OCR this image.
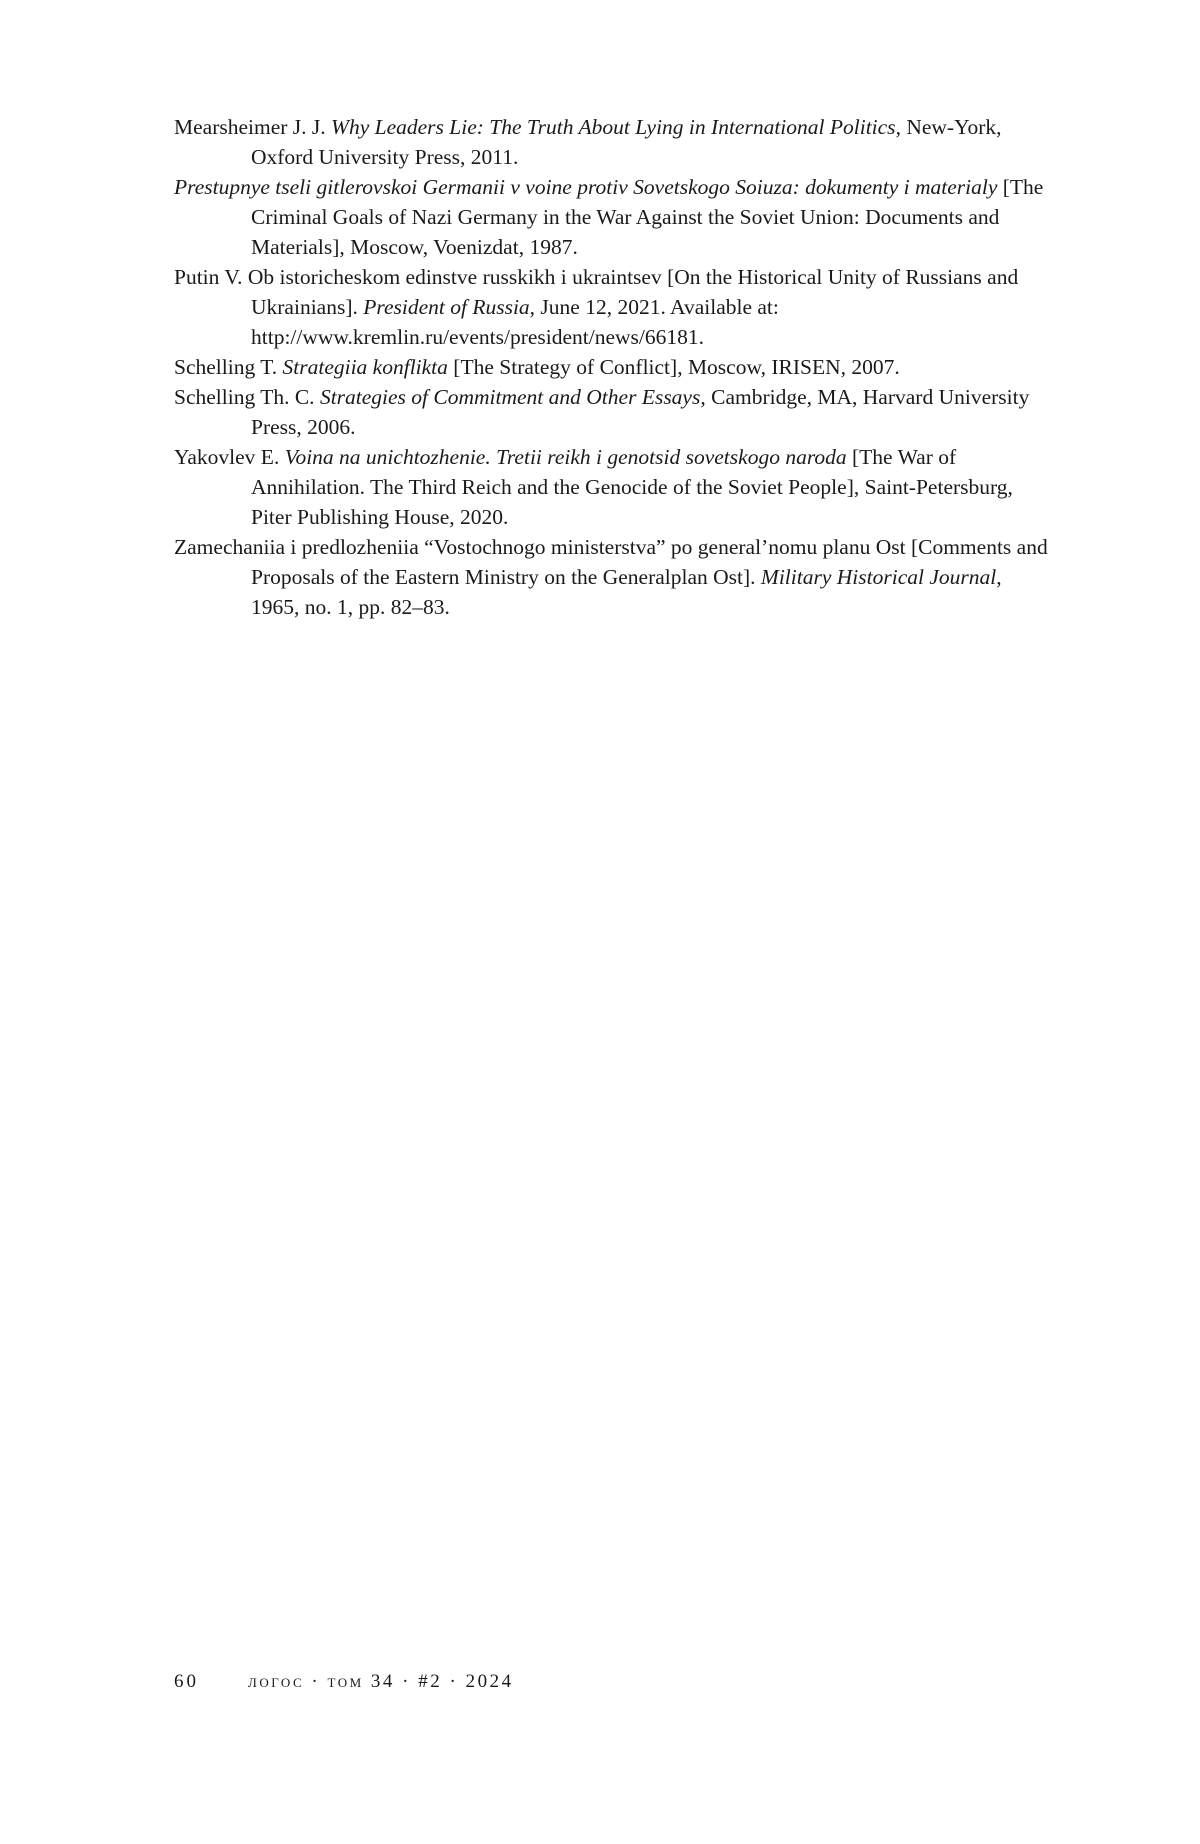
Mearsheimer J. J. Why Leaders Lie: The Truth About Lying in International Politics, New-York, Oxford University Press, 2011.
Prestupnye tseli gitlerovskoi Germanii v voine protiv Sovetskogo Soiuza: dokumenty i materialy [The Criminal Goals of Nazi Germany in the War Against the Soviet Union: Documents and Materials], Moscow, Voenizdat, 1987.
Putin V. Ob istoricheskom edinstve russkikh i ukraintsev [On the Historical Unity of Russians and Ukrainians]. President of Russia, June 12, 2021. Available at: http://www.kremlin.ru/events/president/news/66181.
Schelling T. Strategiia konflikta [The Strategy of Conflict], Moscow, IRISEN, 2007.
Schelling Th. C. Strategies of Commitment and Other Essays, Cambridge, MA, Harvard University Press, 2006.
Yakovlev E. Voina na unichtozhenie. Tretii reikh i genotsid sovetskogo naroda [The War of Annihilation. The Third Reich and the Genocide of the Soviet People], Saint-Petersburg, Piter Publishing House, 2020.
Zamechaniia i predlozheniia “Vostochnogo ministerstva” po general’nomu planu Ost [Comments and Proposals of the Eastern Ministry on the Generalplan Ost]. Military Historical Journal, 1965, no. 1, pp. 82–83.
60	логос · том 34 · #2 · 2024
